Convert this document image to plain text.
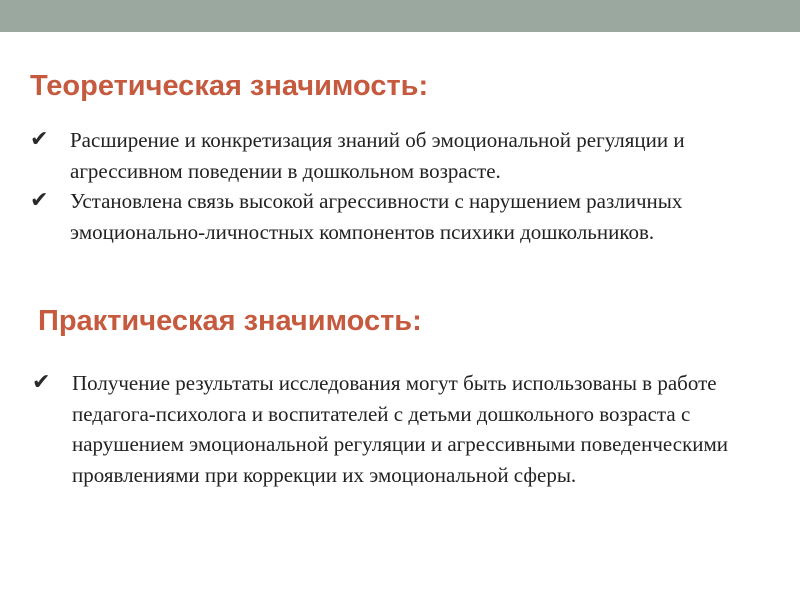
Теоретическая значимость:
✔	Расширение и конкретизация знаний об эмоциональной регуляции и агрессивном поведении в дошкольном возрасте.
✔	Установлена связь высокой агрессивности с нарушением различных эмоционально-личностных компонентов психики дошкольников.
Практическая значимость:
✔	Получение результаты исследования могут быть использованы в работе педагога-психолога и воспитателей с детьми дошкольного возраста с нарушением эмоциональной регуляции и агрессивными поведенческими проявлениями при коррекции их эмоциональной сферы.
